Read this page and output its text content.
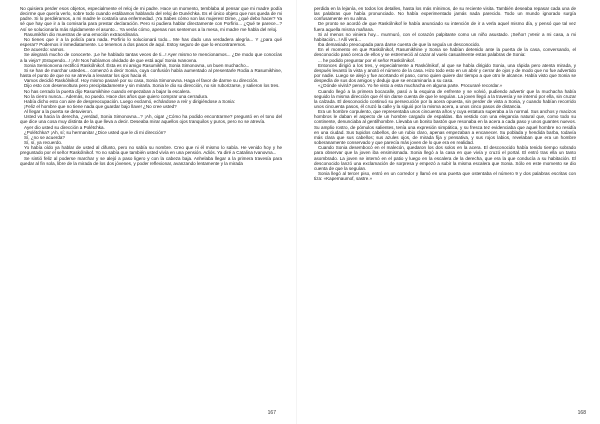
No quisiera perder esos objetos, especialmente el reloj de mi padre. Hace un momento, temblaba al pensar que mi madre podía decirme que quería verlo, sobre todo cuando estábamos hablando del reloj de Dunéchka. Es el único objeto que nos queda de mi padre. Si lo perdiéramos, a mi madre le costaría una enfermedad. ¡Ya Sabes cómo son las mujeres! Dime, ¿qué debo hacer? Ya sé que hay que ir a la comisaría para prestar declaración. Pero si pudiera hablar directamente con Porfirio... ¿Qué te parece...? Así se solucionaría más rápidamente el asunto... Ya verás cómo, apenas nos sentemos a la mesa, mi madre me habla del reloj.

Rasumikhin dio muestras de una emoción extraordinaria.

No tienes que ir a la policía para nada. Porfirio lo solucionará todo... Me has dado una verdadera alegría... Y ¿para qué esperar? Podemos ir inmediatamente. Lo tenemos a dos pasos de aquí. Estoy seguro de que lo encontraremos.

De acuerdo: vamos.

Se alegrará mucho de conocerte. ¡Le he hablado tantas veces de ti...! Ayer mismo te mencionamos... ¿De modo que conocías a la vieja? ¡Estupendo...! ¡Ah! Nos habíamos olvidado de que está aquí Sonia Ivanovna.

Sonia Semionovna rectificó Raskólnikof. Ésta es mi amigo Rasumikhin, Sonia Simonovna, un buen muchacho...

Si se han de marchar ustedes... comenzó a decir Sonia, cuya confusión había aumentado al presentarle Rodia a Rasumikhine, hasta el punto de que no se atrevía a levantar los ojos hacia él.

Vamos decidió Raskólnikof. Hoy mismo pasaré por su casa, Sonia Simonovna. Haga el favor de darme su dirección.

Dijo esto con desenvoltura pero precipitadamente y sin mirarla. Sonia le dio su dirección, no sin ruborizarse, y salieron los tres.

No has cerrado la puerta dijo Rasumikhine cuando empezaban a bajar la escalera.

No la cierro nunca... Además, no puedo. Hace dos años que quiero comprar una cerradura.

Había dicho esto con aire de despreocupación. Luego exclamó, echándose a reír y dirigiéndose a Sonia:

¡Feliz el hombre que no tiene nada que guardar bajo llave! ¿No cree usted?

Al llegar a la puerta se detuvieron.

Usted va hacia la derecha, ¿verdad, Sonia Simonovna...? ¡Ah, oiga! ¿Cómo ha podido encontrarme? preguntó en el tono del que dice una cosa muy distinta de la que lleva a decir. Deseaba mirar aquellos ojos tranquilos y puros, pero no se atrevía.

Ayer dio usted su dirección a Polétchka.

¿Polétchka? ¡Ah, sí; su hermanita! ¿Dice usted que le di mi dirección?

Sí, ¿no se acuerda?

Sí, sí, ya recuerdo.

Yo había oído ya hablar de usted al difunto, pero no sabía su nombre. Creo que ni él mismo lo sabía. He venido hoy y he preguntado por el señor Raskólnikof. Yo no sabía que también usted vivía en una pensión. Adiós. Ya diré a Catalina Ivanovna...

Se sintió feliz al poderse marchar y se alejó a paso ligero y con la cabeza baja. Anhelaba llegar a la primera travesía para quedar al fin sola, libre de la mirada de los dos jóvenes, y poder reflexionar, avanzando lentamente y la mirada

167

perdida en la lejanía, en todos los detalles, hasta los más mínimos, de su reciente visita. También deseaba repasar cada una de las palabras que había pronunciado. No había experimentado jamás nada parecido. Todo un mundo ignorado surgía confusamente en su alma.

De pronto se acordó de que Raskólnikof le había anunciado su intención de ir a verla aquel mismo día, y pensó que tal vez fuera aquella misma mañana.

Si al menos no viniera hoy... murmuró, con el corazón palpitante como un niño asustado. ¡Señor! ¡Venir a mi casa, a mi habitación...! Allí verá...

Iba demasiado preocupada para darse cuenta de que la seguía un desconocido.

En el momento en que Raskólnikof, Rasumikhine y Sonia se habían detenido ante la puerta de la casa, conversando, el desconocido pasó cerca de ellos y se estremeció al cazar al vuelo casualmente estas palabras de Sonia:

... he podido preguntar por el señor Raskólnikof.

Entonces dirigió a los tres, y especialmente a Raskólnikof, al que se había dirigido Sonia, una rápida pero atenta mirada, y después levantó la vista y anotó el número de la casa. Hizo todo esto en un abrir y cerrar de ojos y de modo que no fue advertido por nadie. Luego se alejó y fue acortando el paso, como quien quiere dar tiempo a que otro le alcance. Había visto que Sonia se despedía de sus dos amigos y dedujo que se encaminaría a su casa.

«¿Dónde vivirá? pensó. Yo he visto a esta muchacha en alguna parte. Procuraré recordar.»

Cuando llegó a la primera bocacalle, pasó a la esquina de enfrente y se volvió, pudiendo advertir que la muchacha había seguido la misma dirección que él sin darse cuenta de que le seguían. La joven llegó a la travesía y se internó por ella, sin cruzar la calzada. El desconocido continuó su persecución por la acera opuesta, sin perder de vista a Sonia, y cuando habían recorrido unos cincuenta pasos, él cruzó la calle y la siguió por la misma acera, a unos cinco pasos de distancia.

Era un hombre corpulento, que representaba unos cincuenta años y cuya estatura superaba a la normal. Sus anchos y macizos hombros le daban el aspecto de un hombre cargado de espaldas. Iba vestido con una elegancia natural que, como todo su continente, denunciaba al gentilhombre. Llevaba un bonito bastón que resonaba en la acera a cada paso y unos guantes nuevos. Su amplio rostro, de pómulos salientes, tenía una expresión simpática, y su fresca tez evidenciaba que aquel hombre no residía en una ciudad. Sus tupidos cabellos, de un rubio claro, apenas empezaban a encanecer. Su poblada y hendida barba, todavía más clara que sus cabellos; sus azules ojos, de mirada fija y pensativa, y sus rojos labios, revelaban que era un hombre soberanamente conservado y que parecía más joven de lo que era en realidad.

Cuando Sonia desembocó en el malecón, quedaron los dos solos en la acera. El desconocido había tenido tiempo sobrado para observar que la joven iba ensimismada. Sonia llegó a la casa en que vivía y cruzó el portal. El entró tras ella un tanto asombrado. La joven se internó en el patio y luego en la escalera de la derecha, que era la que conducía a su habitación. El desconocido lanzó una exclamación de sorpresa y empezó a subir la misma escalera que Sonia. Sólo en este momento se dio cuenta de que la seguían.

Sonia llegó al tercer piso, entró en un corredor y llamó en una puerta que ostentaba el número 9 y dos palabras escritas con tiza: «Kapernaumof, sastre.»

168
